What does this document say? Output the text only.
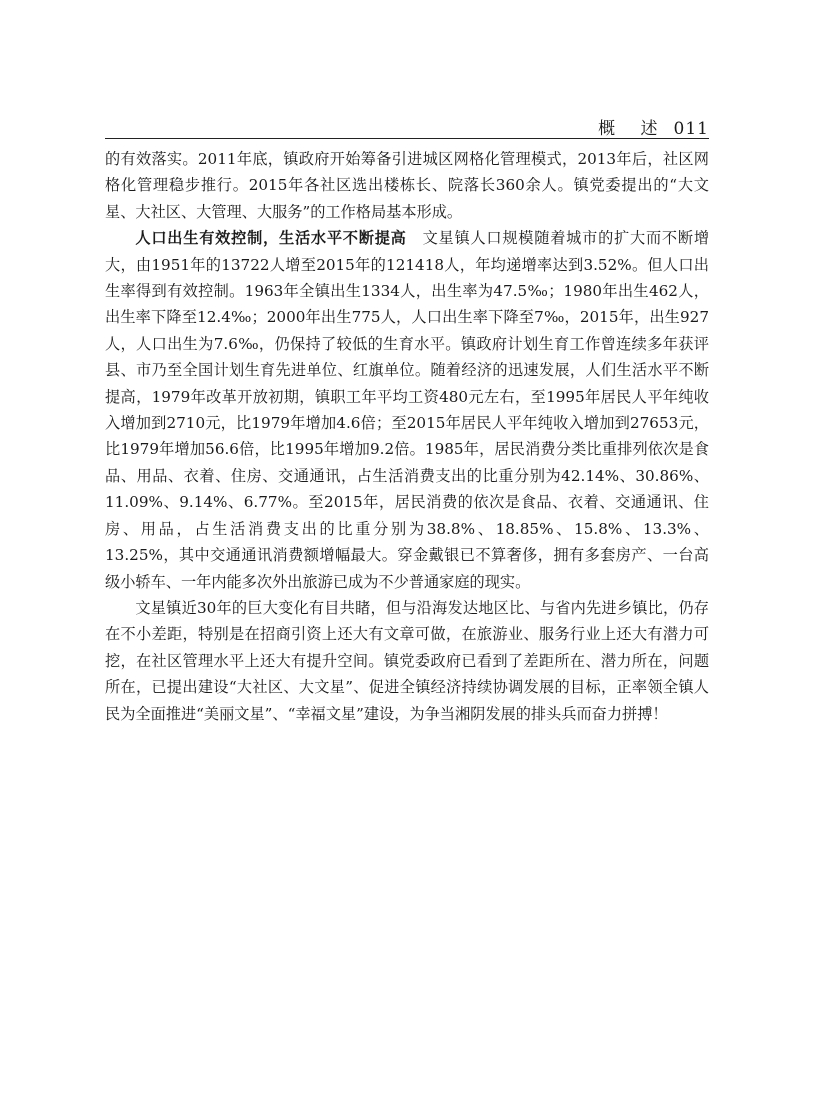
概 述 011

的有效落实。2011年底，镇政府开始筹备引进城区网格化管理模式，2013年后，社区网格化管理稳步推行。2015年各社区选出楼栋长、院落长360余人。镇党委提出的“大文星、大社区、大管理、大服务”的工作格局基本形成。

人口出生有效控制，生活水平不断提高 文星镇人口规模随着城市的扩大而不断增大，由1951年的13722人增至2015年的121418人，年均递增率达到3.52%。但人口出生率得到有效控制。1963年全镇出生1334人，出生率为47.5‰；1980年出生462人，出生率下降至12.4‰；2000年出生775人，人口出生率下降至7‰，2015年，出生927人，人口出生为7.6‰，仍保持了较低的生育水平。镇政府计划生育工作曾连续多年获评县、市乃至全国计划生育先进单位、红旗单位。随着经济的迅速发展，人们生活水平不断提高，1979年改革开放初期，镇职工年平均工资480元左右，至1995年居民人平年纯收入增加到2710元，比1979年增加4.6倍；至2015年居民人平年纯收入增加到27653元，比1979年增加56.6倍，比1995年增加9.2倍。1985年，居民消费分类比重排列依次是食品、用品、衣着、住房、交通通讯，占生活消费支出的比重分别为42.14%、30.86%、11.09%、9.14%、6.77%。至2015年，居民消费的依次是食品、衣着、交通通讯、住房、用品，占生活消费支出的比重分别为38.8%、18.85%、15.8%、13.3%、13.25%，其中交通通讯消费额增幅最大。穿金戴银已不算奢侈，拥有多套房产、一台高级小轿车、一年内能多次外出旅游已成为不少普通家庭的现实。

文星镇近30年的巨大变化有目共睹，但与沿海发达地区比、与省内先进乡镇比，仍存在不小差距，特别是在招商引资上还大有文章可做，在旅游业、服务行业上还大有潜力可挖，在社区管理水平上还大有提升空间。镇党委政府已看到了差距所在、潜力所在，问题所在，已提出建设“大社区、大文星”、促进全镇经济持续协调发展的目标，正率领全镇人民为全面推进“美丽文星”、“幸福文星”建设，为争当湘阴发展的排头兵而奋力拼搏！
